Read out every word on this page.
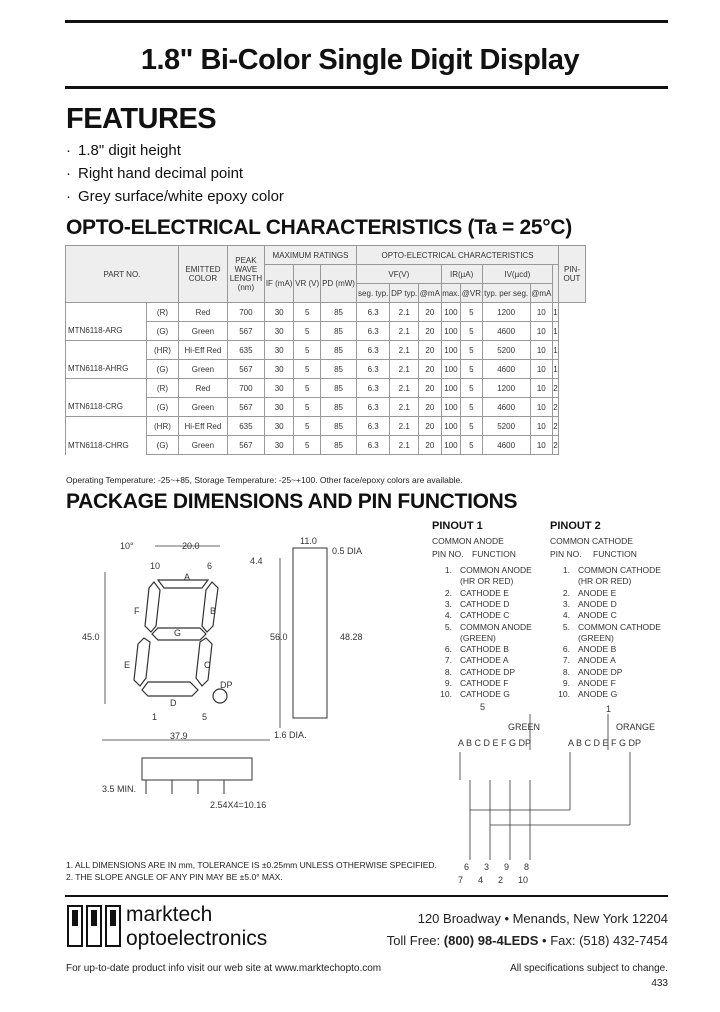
1.8" Bi-Color Single Digit Display
FEATURES
· 1.8" digit height
· Right hand decimal point
· Grey surface/white epoxy color
OPTO-ELECTRICAL CHARACTERISTICS (Ta = 25°C)
PART NO.		EMITTED COLOR	PEAK WAVE LENGTH (nm)	MAXIMUM RATINGS			OPTO-ELECTRICAL CHARACTERISTICS								PIN-OUT
				IF (mA)	VR (V)	PD (mW)	VF(V)			IR(µA)		IV(µcd)			
							seg. typ.	DP typ.	@mA	max.	@VR	typ. per seg.	@mA		
	(R)	Red	700	30	5	85	6.3	2.1	20	100	5	1200	10	1	
MTN6118-ARG	(G)	Green	567	30	5	85	6.3	2.1	20	100	5	4600	10	1	
	(HR)	Hi-Eff Red	635	30	5	85	6.3	2.1	20	100	5	5200	10	1	
MTN6118-AHRG	(G)	Green	567	30	5	85	6.3	2.1	20	100	5	4600	10	1	
	(R)	Red	700	30	5	85	6.3	2.1	20	100	5	1200	10	2	
MTN6118-CRG	(G)	Green	567	30	5	85	6.3	2.1	20	100	5	4600	10	2	
	(HR)	Hi-Eff Red	635	30	5	85	6.3	2.1	20	100	5	5200	10	2	
MTN6118-CHRG	(G)	Green	567	30	5	85	6.3	2.1	20	100	5	4600	10	2	
Operating Temperature: -25~+85, Storage Temperature: -25~+100. Other face/epoxy colors are available.
PACKAGE DIMENSIONS AND PIN FUNCTIONS
10°	20.0
4.4
10	6
A
B
C
D
E
F
G
DP
1	5
45.0	56.0	48.28
11.0
0.5 DIA
37.9	1.6 DIA.
3.5 MIN.
2.54X4=10.16
1. ALL DIMENSIONS ARE IN mm, TOLERANCE IS ±0.25mm UNLESS OTHERWISE SPECIFIED.
2. THE SLOPE ANGLE OF ANY PIN MAY BE ±5.0° MAX.
PINOUT 1
COMMON ANODE
PIN NO. FUNCTION
1. COMMON ANODE
(HR OR RED)
2. CATHODE E
3. CATHODE D
4. CATHODE C
5. COMMON ANODE
(GREEN)
6. CATHODE B
7. CATHODE A
8. CATHODE DP
9. CATHODE F
10. CATHODE G
PINOUT 2
COMMON CATHODE
PIN NO. FUNCTION
1. COMMON CATHODE
(HR OR RED)
2. ANODE E
3. ANODE D
4. ANODE C
5. COMMON CATHODE
(GREEN)
6. ANODE B
7. ANODE A
8. ANODE DP
9. ANODE F
10. ANODE G
5	1
GREEN	ORANGE
A B C D E F G DP	A B C D E F G DP
6 3 9 8
7 4 2 10
marktech
optoelectronics
120 Broadway • Menands, New York 12204
Toll Free: (800) 98-4LEDS • Fax: (518) 432-7454
For up-to-date product info visit our web site at www.marktechopto.com	All specifications subject to change.
433
